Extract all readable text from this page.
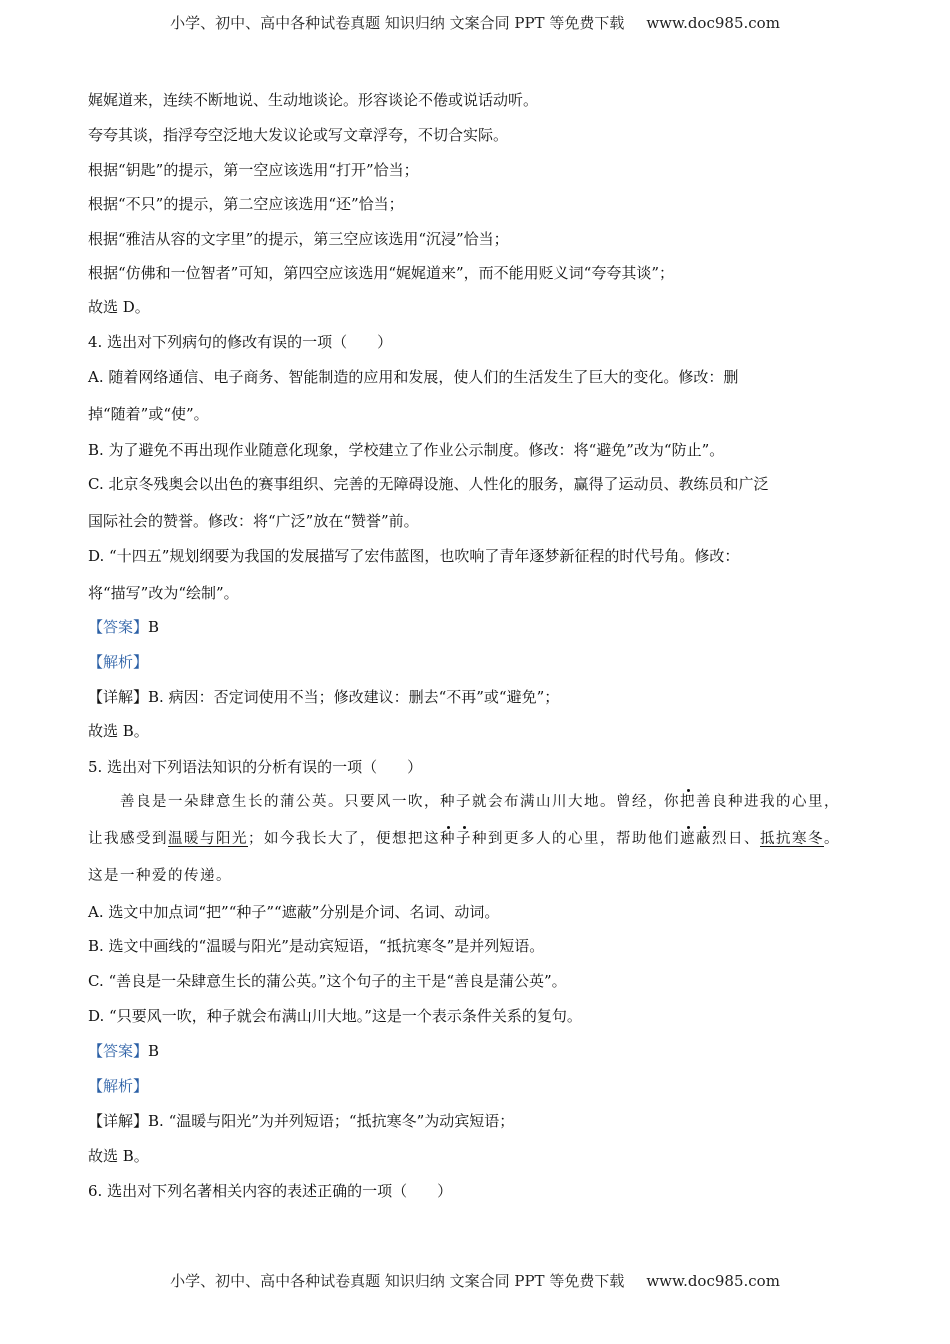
小学、初中、高中各种试卷真题 知识归纳 文案合同 PPT 等免费下载 www.doc985.com
娓娓道来，连续不断地说、生动地谈论。形容谈论不倦或说话动听。
夸夸其谈，指浮夸空泛地大发议论或写文章浮夸，不切合实际。
根据“钥匙”的提示，第一空应该选用“打开”恰当；
根据“不只”的提示，第二空应该选用“还”恰当；
根据“雅洁从容的文字里”的提示，第三空应该选用“沉浸”恰当；
根据“仿佛和一位智者”可知，第四空应该选用“娓娓道来”，而不能用贬义词“夸夸其谈”；
故选 D。
4. 选出对下列病句的修改有误的一项（　　）
A. 随着网络通信、电子商务、智能制造的应用和发展，使人们的生活发生了巨大的变化。修改：删
掉“随着”或“使”。
B. 为了避免不再出现作业随意化现象，学校建立了作业公示制度。修改：将“避免”改为“防止”。
C. 北京冬残奥会以出色的赛事组织、完善的无障碍设施、人性化的服务，赢得了运动员、教练员和广泛
国际社会的赞誉。修改：将“广泛”放在“赞誉”前。
D. “十四五”规划纲要为我国的发展描写了宏伟蓝图，也吹响了青年逐梦新征程的时代号角。修改：
将“描写”改为“绘制”。
【答案】B
【解析】
【详解】B. 病因：否定词使用不当；修改建议：删去“不再”或“避免”；
故选 B。
5. 选出对下列语法知识的分析有误的一项（　　）
善良是一朵肆意生长的蒲公英。只要风一吹，种子就会布满山川大地。曾经，你把善良种进我的心里，
让我感受到温暖与阳光；如今我长大了，便想把这种子种到更多人的心里，帮助他们遮蔽烈日、抵抗寒冬。
这是一种爱的传递。
A. 选文中加点词“把”“种子”“遮蔽”分别是介词、名词、动词。
B. 选文中画线的“温暖与阳光”是动宾短语，“抵抗寒冬”是并列短语。
C. “善良是一朵肆意生长的蒲公英。”这个句子的主干是“善良是蒲公英”。
D. “只要风一吹，种子就会布满山川大地。”这是一个表示条件关系的复句。
【答案】B
【解析】
【详解】B. “温暖与阳光”为并列短语；“抵抗寒冬”为动宾短语；
故选 B。
6. 选出对下列名著相关内容的表述正确的一项（　　）
小学、初中、高中各种试卷真题 知识归纳 文案合同 PPT 等免费下载 www.doc985.com
